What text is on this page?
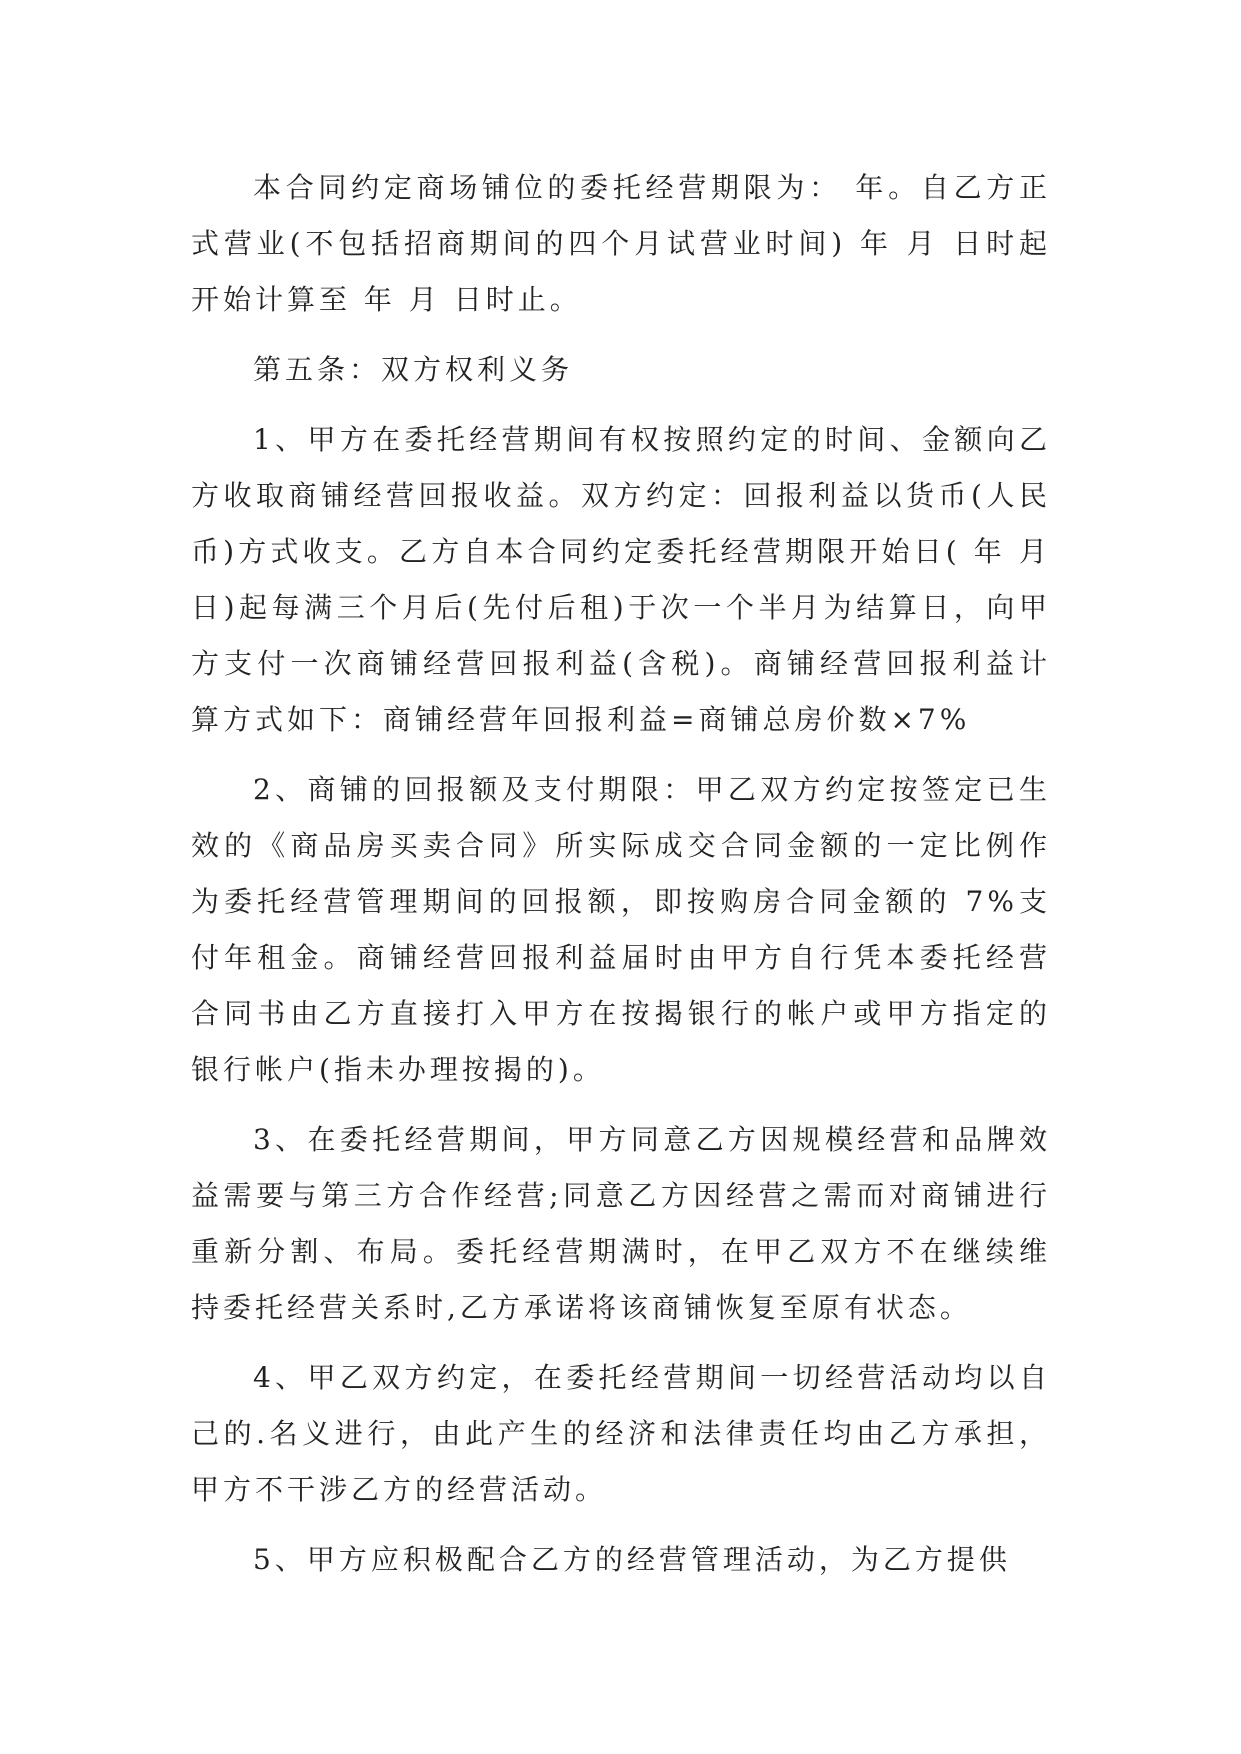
本合同约定商场铺位的委托经营期限为： 年。自乙方正式营业(不包括招商期间的四个月试营业时间) 年 月 日时起开始计算至 年 月 日时止。

第五条：双方权利义务

1、甲方在委托经营期间有权按照约定的时间、金额向乙方收取商铺经营回报收益。双方约定：回报利益以货币(人民币)方式收支。乙方自本合同约定委托经营期限开始日( 年 月 日)起每满三个月后(先付后租)于次一个半月为结算日，向甲方支付一次商铺经营回报利益(含税)。商铺经营回报利益计算方式如下：商铺经营年回报利益=商铺总房价数×7%

2、商铺的回报额及支付期限：甲乙双方约定按签定已生效的《商品房买卖合同》所实际成交合同金额的一定比例作为委托经营管理期间的回报额，即按购房合同金额的 7%支付年租金。商铺经营回报利益届时由甲方自行凭本委托经营合同书由乙方直接打入甲方在按揭银行的帐户或甲方指定的银行帐户(指未办理按揭的)。

3、在委托经营期间，甲方同意乙方因规模经营和品牌效益需要与第三方合作经营;同意乙方因经营之需而对商铺进行重新分割、布局。委托经营期满时，在甲乙双方不在继续维持委托经营关系时,乙方承诺将该商铺恢复至原有状态。

4、甲乙双方约定，在委托经营期间一切经营活动均以自己的.名义进行，由此产生的经济和法律责任均由乙方承担，甲方不干涉乙方的经营活动。

5、甲方应积极配合乙方的经营管理活动，为乙方提供
